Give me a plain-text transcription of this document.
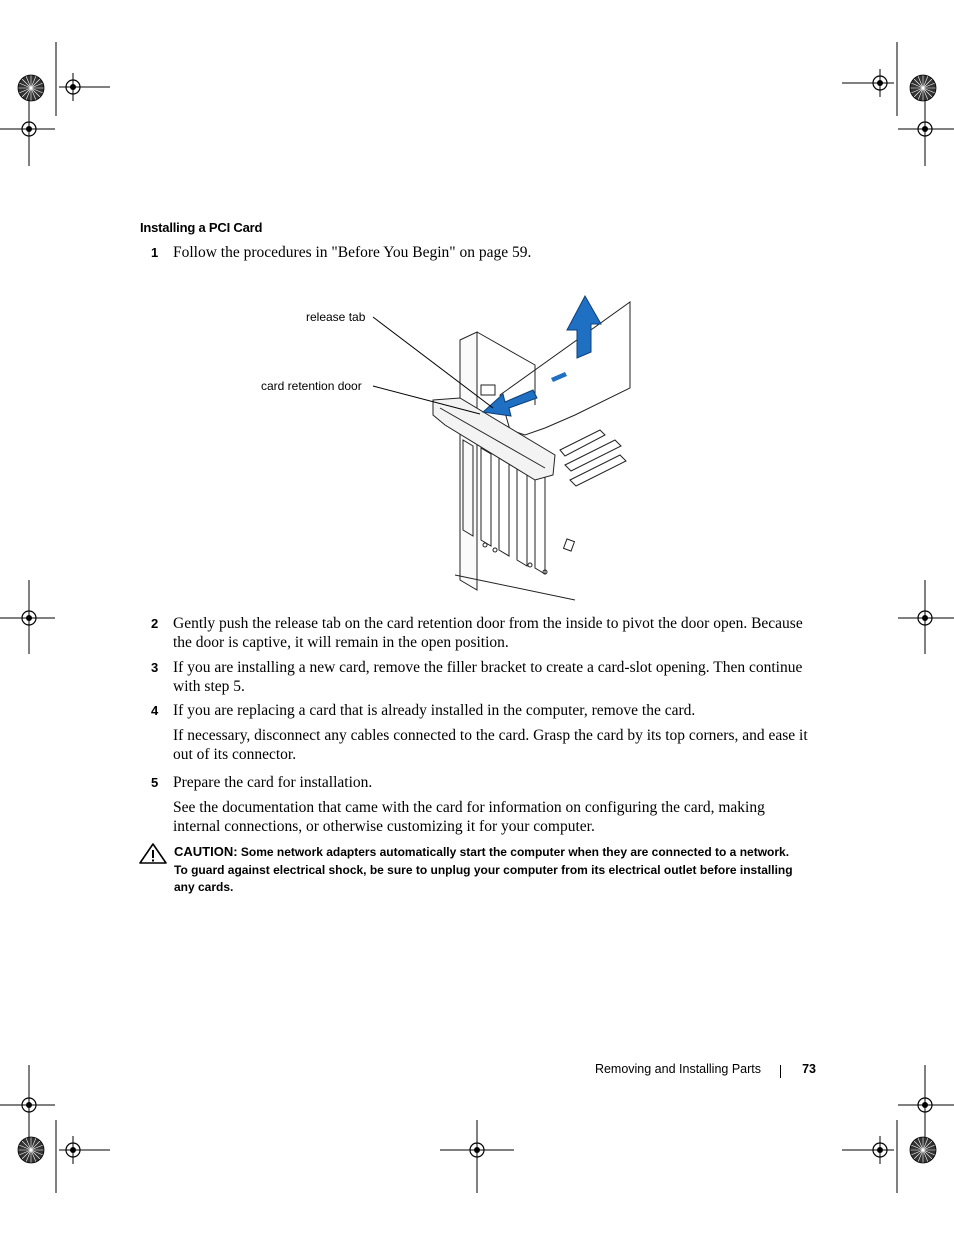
Installing a PCI Card
1 Follow the procedures in "Before You Begin" on page 59.
release tab
card retention door
2 Gently push the release tab on the card retention door from the inside to pivot the door open. Because the door is captive, it will remain in the open position.
3 If you are installing a new card, remove the filler bracket to create a card-slot opening. Then continue with step 5.
4 If you are replacing a card that is already installed in the computer, remove the card.
If necessary, disconnect any cables connected to the card. Grasp the card by its top corners, and ease it out of its connector.
5 Prepare the card for installation.
See the documentation that came with the card for information on configuring the card, making internal connections, or otherwise customizing it for your computer.
CAUTION: Some network adapters automatically start the computer when they are connected to a network. To guard against electrical shock, be sure to unplug your computer from its electrical outlet before installing any cards.
Removing and Installing Parts	73
